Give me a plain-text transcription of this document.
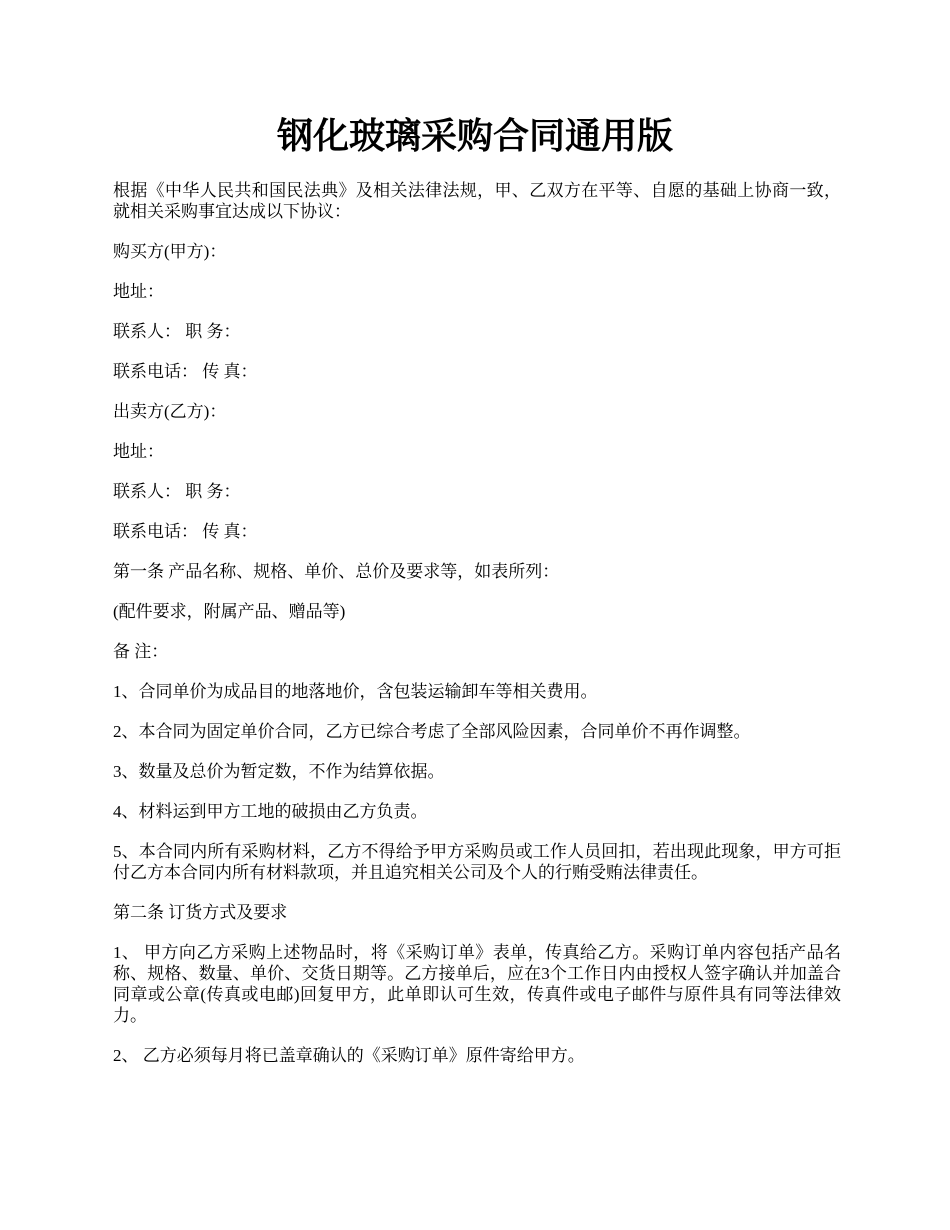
钢化玻璃采购合同通用版

根据《中华人民共和国民法典》及相关法律法规，甲、乙双方在平等、自愿的基础上协商一致，就相关采购事宜达成以下协议：

购买方(甲方)：

地址：

联系人： 职 务：

联系电话： 传 真：

出卖方(乙方)：

地址：

联系人： 职 务：

联系电话： 传 真：

第一条 产品名称、规格、单价、总价及要求等，如表所列：

(配件要求，附属产品、赠品等)

备 注：

1、合同单价为成品目的地落地价，含包装运输卸车等相关费用。

2、本合同为固定单价合同，乙方已综合考虑了全部风险因素，合同单价不再作调整。

3、数量及总价为暂定数，不作为结算依据。

4、材料运到甲方工地的破损由乙方负责。

5、本合同内所有采购材料，乙方不得给予甲方采购员或工作人员回扣，若出现此现象，甲方可拒付乙方本合同内所有材料款项，并且追究相关公司及个人的行贿受贿法律责任。

第二条 订货方式及要求

1、 甲方向乙方采购上述物品时，将《采购订单》表单，传真给乙方。采购订单内容包括产品名称、规格、数量、单价、交货日期等。乙方接单后，应在3个工作日内由授权人签字确认并加盖合同章或公章(传真或电邮)回复甲方，此单即认可生效，传真件或电子邮件与原件具有同等法律效力。

2、 乙方必须每月将已盖章确认的《采购订单》原件寄给甲方。
